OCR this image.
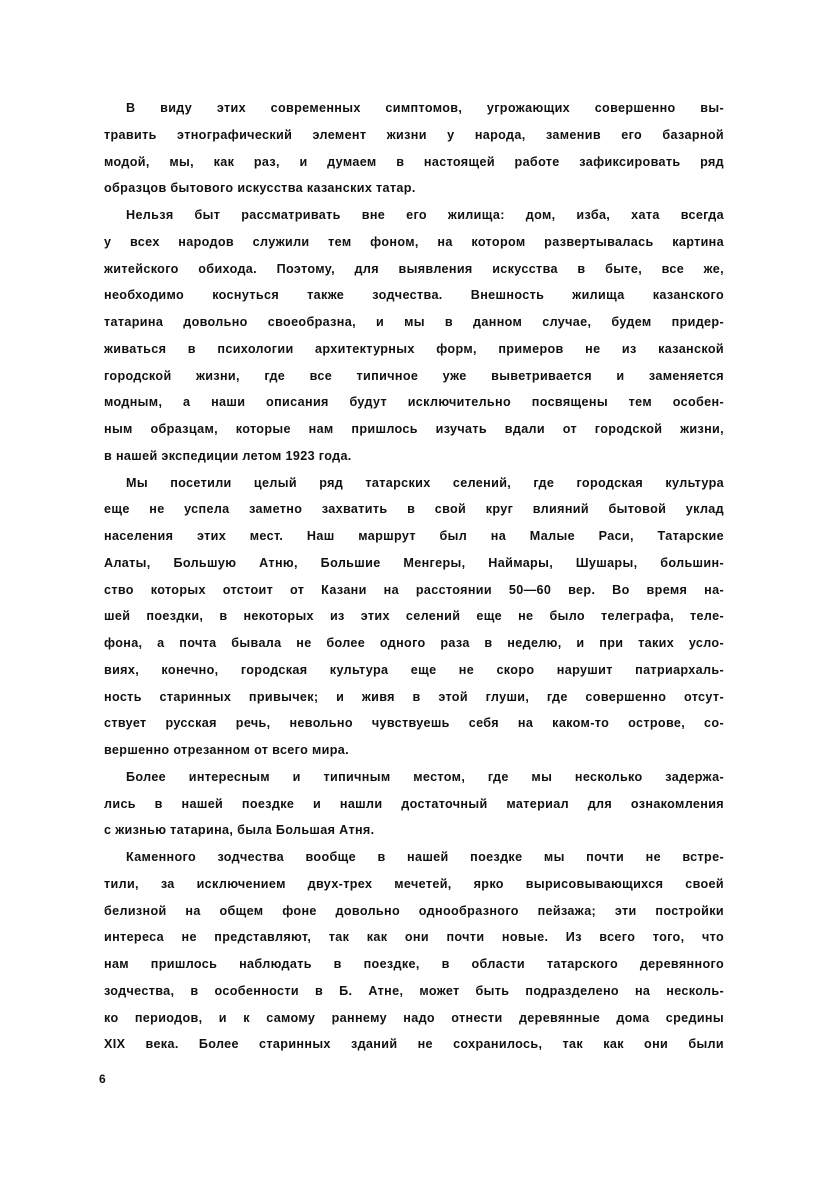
В виду этих современных симптомов, угрожающих совершенно вы-
травить этнографический элемент жизни у народа, заменив его базарной
модой, мы, как раз, и думаем в настоящей работе зафиксировать ряд
образцов бытового искусства казанских татар.
Нельзя быт рассматривать вне его жилища: дом, изба, хата всегда
у всех народов служили тем фоном, на котором развертывалась картина
житейского обихода. Поэтому, для выявления искусства в быте, все же,
необходимо коснуться также зодчества. Внешность жилища казанского
татарина довольно своеобразна, и мы в данном случае, будем придер-
живаться в психологии архитектурных форм, примеров не из казанской
городской жизни, где все типичное уже выветривается и заменяется
модным, а наши описания будут исключительно посвящены тем особен-
ным образцам, которые нам пришлось изучать вдали от городской жизни,
в нашей экспедиции летом 1923 года.
Мы посетили целый ряд татарских селений, где городская культура
еще не успела заметно захватить в свой круг влияний бытовой уклад
населения этих мест. Наш маршрут был на Малые Раси, Татарские
Алаты, Большую Атню, Большие Менгеры, Наймары, Шушары, большин-
ство которых отстоит от Казани на расстоянии 50—60 вер. Во время на-
шей поездки, в некоторых из этих селений еще не было телеграфа, теле-
фона, а почта бывала не более одного раза в неделю, и при таких усло-
виях, конечно, городская культура еще не скоро нарушит патриархаль-
ность старинных привычек; и живя в этой глуши, где совершенно отсут-
ствует русская речь, невольно чувствуешь себя на каком-то острове, со-
вершенно отрезанном от всего мира.
Более интересным и типичным местом, где мы несколько задержа-
лись в нашей поездке и нашли достаточный материал для ознакомления
с жизнью татарина, была Большая Атня.
Каменного зодчества вообще в нашей поездке мы почти не встре-
тили, за исключением двух-трех мечетей, ярко вырисовывающихся своей
белизной на общем фоне довольно однообразного пейзажа; эти постройки
интереса не представляют, так как они почти новые. Из всего того, что
нам пришлось наблюдать в поездке, в области татарского деревянного
зодчества, в особенности в Б. Атне, может быть подразделено на несколь-
ко периодов, и к самому раннему надо отнести деревянные дома средины
XIX века. Более старинных зданий не сохранилось, так как они были
6
